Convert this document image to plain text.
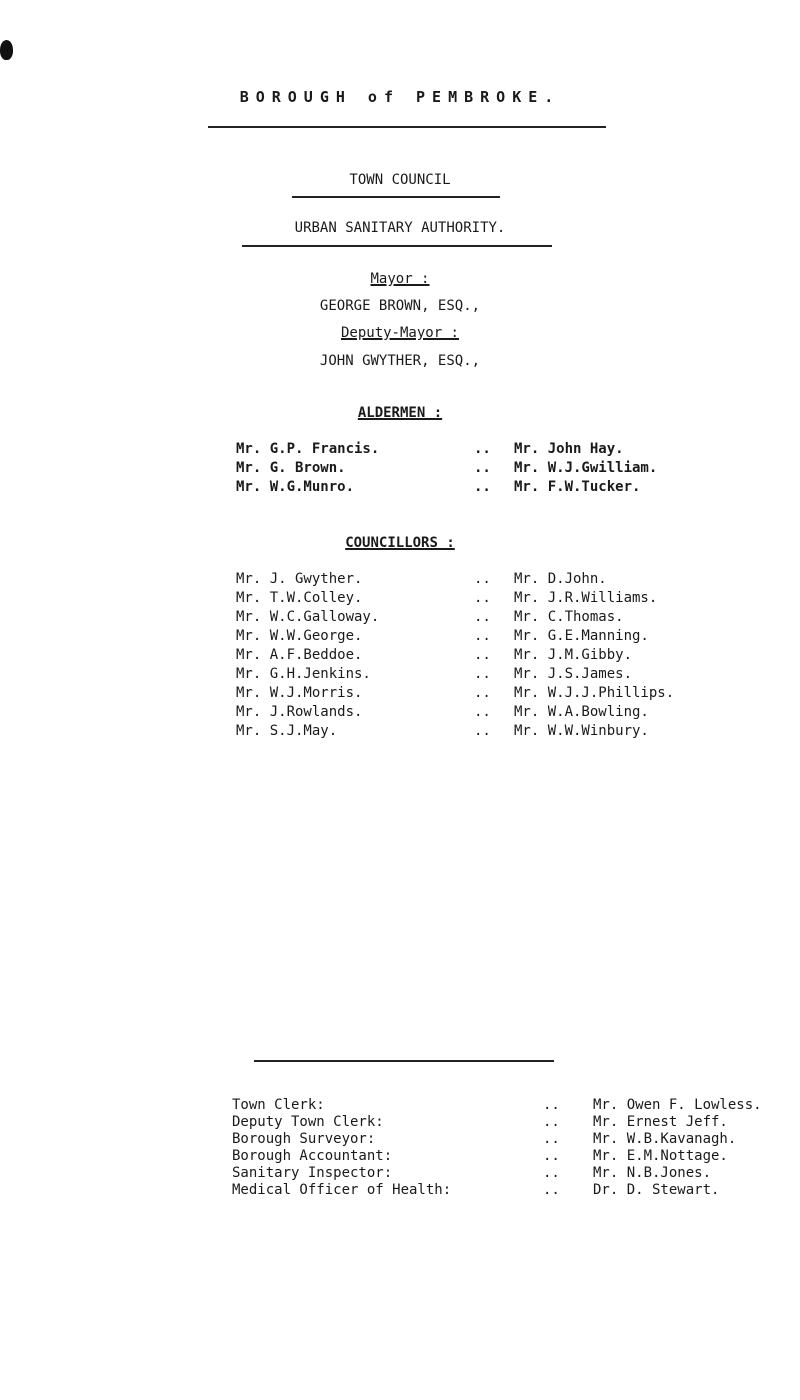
BOROUGH of PEMBROKE.
TOWN COUNCIL
URBAN SANITARY AUTHORITY.
Mayor :
GEORGE BROWN, ESQ.,
Deputy-Mayor :
JOHN GWYTHER, ESQ.,
ALDERMEN :
Mr. G.P. Francis.	..	Mr. John Hay.
Mr. G. Brown.	..	Mr. W.J.Gwilliam.
Mr. W.G.Munro.	..	Mr. F.W.Tucker.
COUNCILLORS :
Mr. J. Gwyther.	..	Mr. D.John.
Mr. T.W.Colley.	..	Mr. J.R.Williams.
Mr. W.C.Galloway.	..	Mr. C.Thomas.
Mr. W.W.George.	..	Mr. G.E.Manning.
Mr. A.F.Beddoe.	..	Mr. J.M.Gibby.
Mr. G.H.Jenkins.	..	Mr. J.S.James.
Mr. W.J.Morris.	..	Mr. W.J.J.Phillips.
Mr. J.Rowlands.	..	Mr. W.A.Bowling.
Mr. S.J.May.	..	Mr. W.W.Winbury.
Town Clerk:	..	Mr. Owen F. Lowless.
Deputy Town Clerk:	..	Mr. Ernest Jeff.
Borough Surveyor:	..	Mr. W.B.Kavanagh.
Borough Accountant:	..	Mr. E.M.Nottage.
Sanitary Inspector:	..	Mr. N.B.Jones.
Medical Officer of Health:	..	Dr. D. Stewart.
